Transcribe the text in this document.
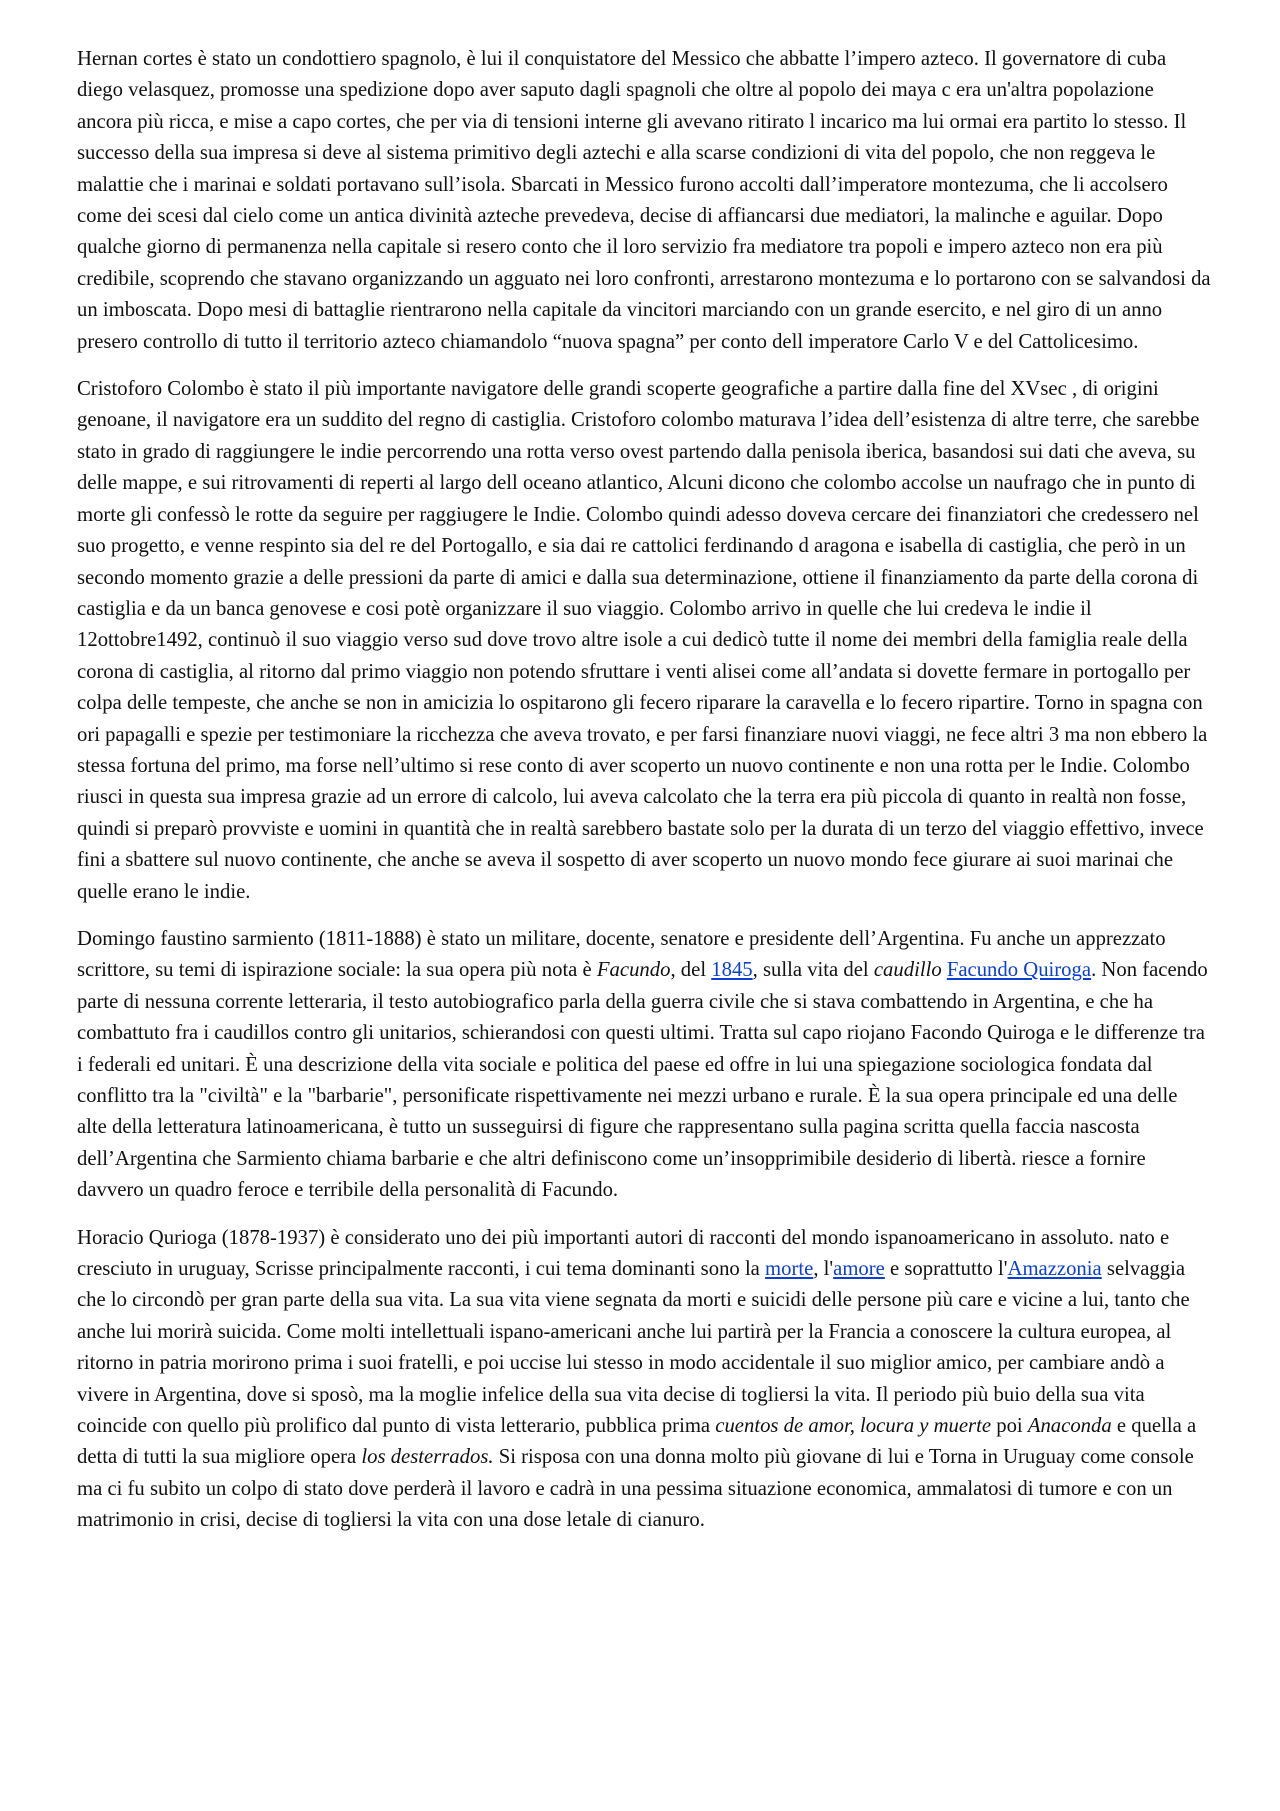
Hernan cortes è stato un condottiero spagnolo, è lui il conquistatore del Messico che abbatte l’impero azteco. Il governatore di cuba diego velasquez, promosse una spedizione dopo aver saputo dagli spagnoli che oltre al popolo dei maya c era un'altra popolazione ancora più ricca, e mise a capo cortes, che per via di tensioni interne gli avevano ritirato l incarico ma lui ormai era partito lo stesso. Il successo della sua impresa si deve al sistema primitivo degli aztechi e alla scarse condizioni di vita del popolo, che non reggeva le malattie che i marinai e soldati portavano sull’isola. Sbarcati in Messico furono accolti dall’imperatore montezuma, che li accolsero come dei scesi dal cielo come un antica divinità azteche prevedeva, decise di affiancarsi due mediatori, la malinche e aguilar. Dopo qualche giorno di permanenza nella capitale si resero conto che il loro servizio fra mediatore tra popoli e impero azteco non era più credibile, scoprendo che stavano organizzando un agguato nei loro confronti, arrestarono montezuma e lo portarono con se salvandosi da un imboscata. Dopo mesi di battaglie rientrarono nella capitale da vincitori marciando con un grande esercito, e nel giro di un anno presero controllo di tutto il territorio azteco chiamandolo “nuova spagna” per conto dell imperatore Carlo V e del Cattolicesimo.

Cristoforo Colombo è stato il più importante navigatore delle grandi scoperte geografiche a partire dalla fine del XVsec , di origini genoane, il navigatore era un suddito del regno di castiglia. Cristoforo colombo maturava l’idea dell’esistenza di altre terre, che sarebbe stato in grado di raggiungere le indie percorrendo una rotta verso ovest partendo dalla penisola iberica, basandosi sui dati che aveva, su delle mappe, e sui ritrovamenti di reperti al largo dell oceano atlantico, Alcuni dicono che colombo accolse un naufrago che in punto di morte gli confessò le rotte da seguire per raggiugere le Indie. Colombo quindi adesso doveva cercare dei finanziatori che credessero nel suo progetto, e venne respinto sia del re del Portogallo, e sia dai re cattolici ferdinando d aragona e isabella di castiglia, che però in un secondo momento grazie a delle pressioni da parte di amici e dalla sua determinazione, ottiene il finanziamento da parte della corona di castiglia e da un banca genovese e cosi potè organizzare il suo viaggio. Colombo arrivo in quelle che lui credeva le indie il 12ottobre1492, continuò il suo viaggio verso sud dove trovo altre isole a cui dedicò tutte il nome dei membri della famiglia reale della corona di castiglia, al ritorno dal primo viaggio non potendo sfruttare i venti alisei come all’andata si dovette fermare in portogallo per colpa delle tempeste, che anche se non in amicizia lo ospitarono gli fecero riparare la caravella e lo fecero ripartire. Torno in spagna con ori papagalli e spezie per testimoniare la ricchezza che aveva trovato, e per farsi finanziare nuovi viaggi, ne fece altri 3 ma non ebbero la stessa fortuna del primo, ma forse nell’ultimo si rese conto di aver scoperto un nuovo continente e non una rotta per le Indie. Colombo riusci in questa sua impresa grazie ad un errore di calcolo, lui aveva calcolato che la terra era più piccola di quanto in realtà non fosse, quindi si preparò provviste e uomini in quantità che in realtà sarebbero bastate solo per la durata di un terzo del viaggio effettivo, invece fini a sbattere sul nuovo continente, che anche se aveva il sospetto di aver scoperto un nuovo mondo fece giurare ai suoi marinai che quelle erano le indie.

Domingo faustino sarmiento (1811-1888) è stato un militare, docente, senatore e presidente dell’Argentina. Fu anche un apprezzato scrittore, su temi di ispirazione sociale: la sua opera più nota è Facundo, del 1845, sulla vita del caudillo Facundo Quiroga. Non facendo parte di nessuna corrente letteraria, il testo autobiografico parla della guerra civile che si stava combattendo in Argentina, e che ha combattuto fra i caudillos contro gli unitarios, schierandosi con questi ultimi. Tratta sul capo riojano Facondo Quiroga e le differenze tra i federali ed unitari. È una descrizione della vita sociale e politica del paese ed offre in lui una spiegazione sociologica fondata dal conflitto tra la "civiltà" e la "barbarie", personificate rispettivamente nei mezzi urbano e rurale. È la sua opera principale ed una delle alte della letteratura latinoamericana, è tutto un susseguirsi di figure che rappresentano sulla pagina scritta quella faccia nascosta dell’Argentina che Sarmiento chiama barbarie e che altri definiscono come un’insopprimibile desiderio di libertà. riesce a fornire davvero un quadro feroce e terribile della personalità di Facundo.

Horacio Qurioga (1878-1937) è considerato uno dei più importanti autori di racconti del mondo ispanoamericano in assoluto. nato e cresciuto in uruguay, Scrisse principalmente racconti, i cui tema dominanti sono la morte, l'amore e soprattutto l'Amazzonia selvaggia che lo circondò per gran parte della sua vita. La sua vita viene segnata da morti e suicidi delle persone più care e vicine a lui, tanto che anche lui morirà suicida. Come molti intellettuali ispano-americani anche lui partirà per la Francia a conoscere la cultura europea, al ritorno in patria morirono prima i suoi fratelli, e poi uccise lui stesso in modo accidentale il suo miglior amico, per cambiare andò a vivere in Argentina, dove si sposò, ma la moglie infelice della sua vita decise di togliersi la vita. Il periodo più buio della sua vita coincide con quello più prolifico dal punto di vista letterario, pubblica prima cuentos de amor, locura y muerte poi Anaconda e quella a detta di tutti la sua migliore opera los desterrados. Si risposa con una donna molto più giovane di lui e Torna in Uruguay come console ma ci fu subito un colpo di stato dove perderà il lavoro e cadrà in una pessima situazione economica, ammalatosi di tumore e con un matrimonio in crisi, decise di togliersi la vita con una dose letale di cianuro.
